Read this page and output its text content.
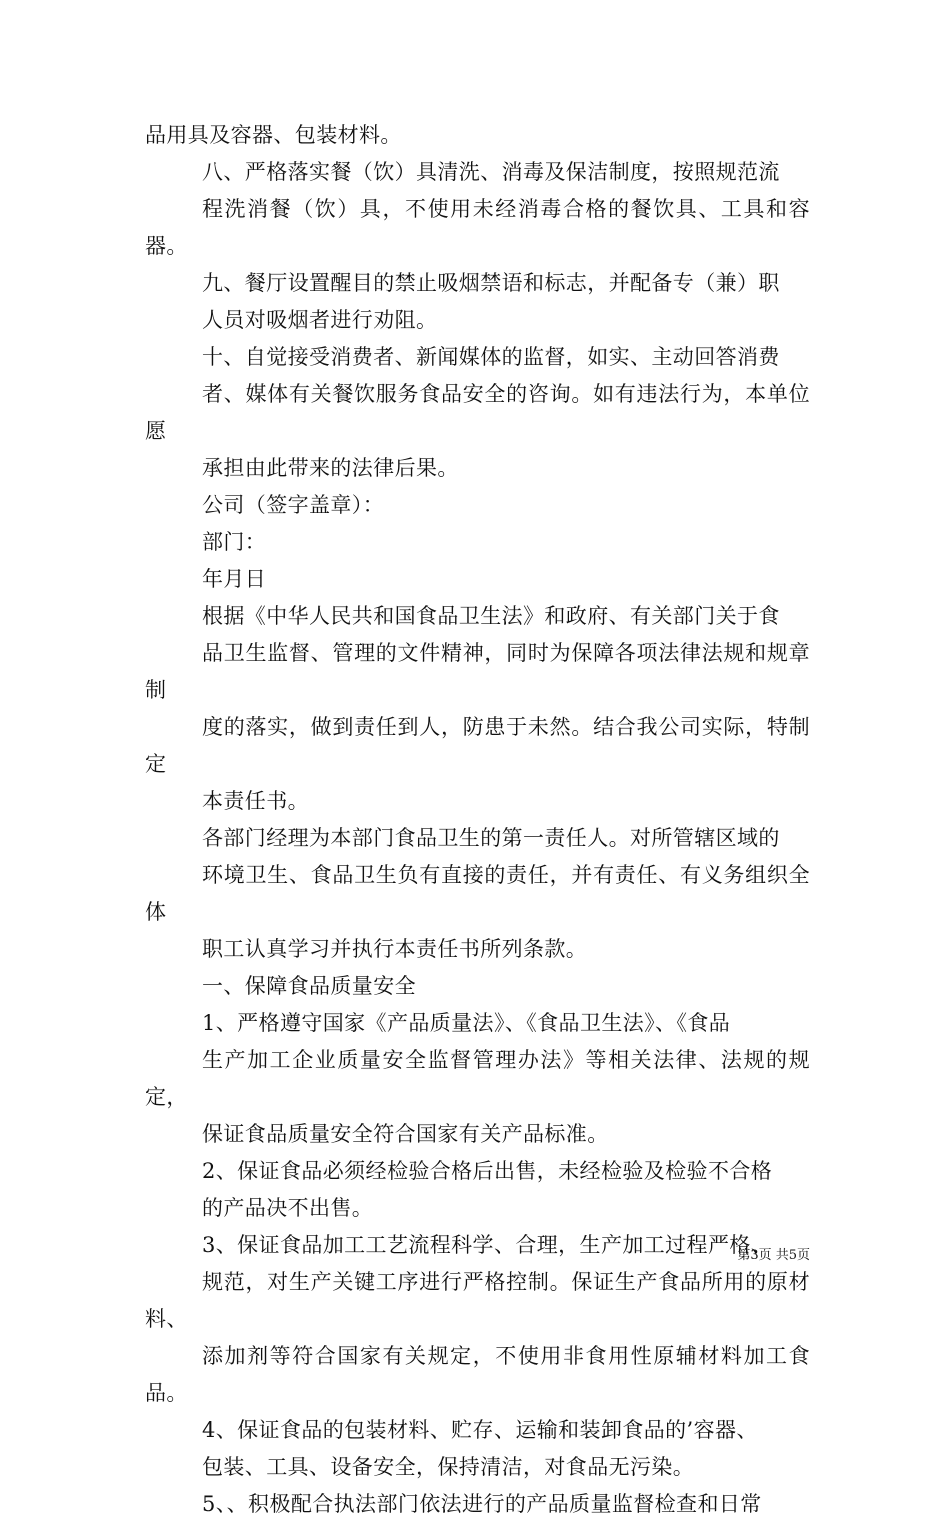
品用具及容器、包装材料。

八、严格落实餐（饮）具清洗、消毒及保洁制度，按照规范流
程洗消餐（饮）具，不使用未经消毒合格的餐饮具、工具和容器。

九、餐厅设置醒目的禁止吸烟禁语和标志，并配备专（兼）职
人员对吸烟者进行劝阻。

十、自觉接受消费者、新闻媒体的监督，如实、主动回答消费
者、媒体有关餐饮服务食品安全的咨询。如有违法行为，本单位愿
承担由此带来的法律后果。

公司（签字盖章）：

部门：

年月日

根据《中华人民共和国食品卫生法》和政府、有关部门关于食
品卫生监督、管理的文件精神，同时为保障各项法律法规和规章制
度的落实，做到责任到人，防患于未然。结合我公司实际，特制定
本责任书。

各部门经理为本部门食品卫生的第一责任人。对所管辖区域的
环境卫生、食品卫生负有直接的责任，并有责任、有义务组织全体
职工认真学习并执行本责任书所列条款。

一、保障食品质量安全

1、严格遵守国家《产品质量法》、《食品卫生法》、《食品
生产加工企业质量安全监督管理办法》等相关法律、法规的规定，
保证食品质量安全符合国家有关产品标准。

2、保证食品必须经检验合格后出售，未经检验及检验不合格
的产品决不出售。

3、保证食品加工工艺流程科学、合理，生产加工过程严格、
规范，对生产关键工序进行严格控制。保证生产食品所用的原材料、
添加剂等符合国家有关规定，不使用非食用性原辅材料加工食品。

4、保证食品的包装材料、贮存、运输和装卸食品的’容器、
包装、工具、设备安全，保持清洁，对食品无污染。

5、、积极配合执法部门依法进行的产品质量监督检查和日常

第3页 共5页
